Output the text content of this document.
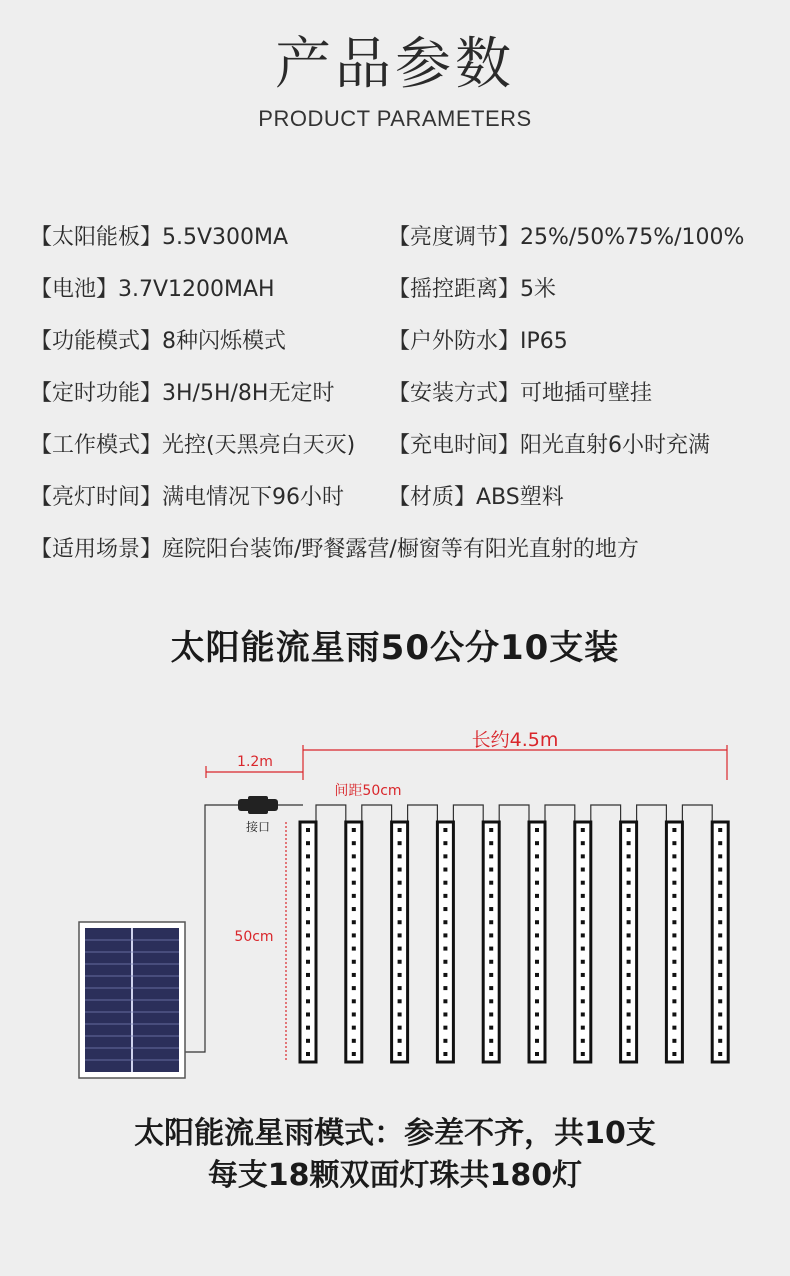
产品参数
PRODUCT PARAMETERS
【太阳能板】5.5V300MA
【电池】3.7V1200MAH
【功能模式】8种闪烁模式
【定时功能】3H/5H/8H无定时
【工作模式】光控(天黑亮白天灭)
【亮灯时间】满电情况下96小时
【适用场景】庭院阳台装饰/野餐露营/橱窗等有阳光直射的地方
【亮度调节】25%/50%75%/100%
【摇控距离】5米
【户外防水】IP65
【安装方式】可地插可壁挂
【充电时间】阳光直射6小时充满
【材质】ABS塑料
太阳能流星雨50公分10支装
长约4.5m
1.2m
间距50cm
50cm
接口
太阳能流星雨模式：参差不齐，共10支
每支18颗双面灯珠共180灯
